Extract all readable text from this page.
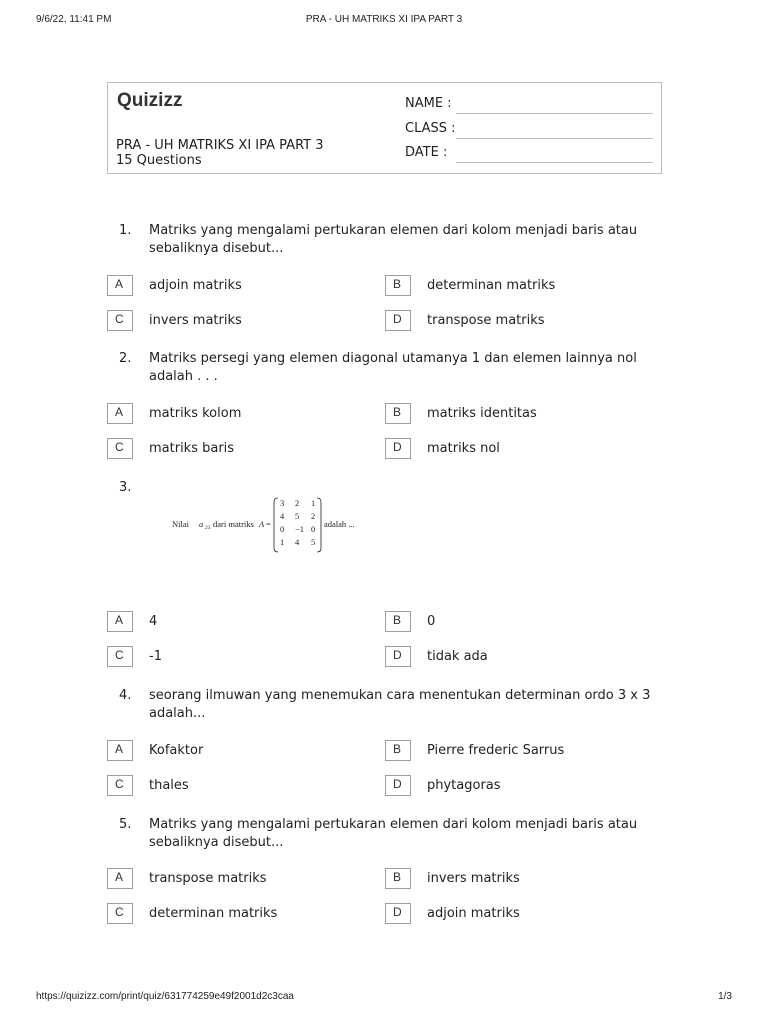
9/6/22, 11:41 PM	PRA - UH MATRIKS XI IPA PART 3
Quizizz
PRA - UH MATRIKS XI IPA PART 3
15 Questions
NAME :
CLASS :
DATE :
1. Matriks yang mengalami pertukaran elemen dari kolom menjadi baris atau sebaliknya disebut...
A	adjoin matriks	B	determinan matriks
C	invers matriks	D	transpose matriks
2. Matriks persegi yang elemen diagonal utamanya 1 dan elemen lainnya nol adalah . . .
A	matriks kolom	B	matriks identitas
C	matriks baris	D	matriks nol
3.
Nilai a 23 dari matriks A =
3 2 1
4 5 2
0 −1 0
1 4 5
adalah ...
A	4	B	0
C	-1	D	tidak ada
4. seorang ilmuwan yang menemukan cara menentukan determinan ordo 3 x 3 adalah...
A	Kofaktor	B	Pierre frederic Sarrus
C	thales	D	phytagoras
5. Matriks yang mengalami pertukaran elemen dari kolom menjadi baris atau sebaliknya disebut...
A	transpose matriks	B	invers matriks
C	determinan matriks	D	adjoin matriks
https://quizizz.com/print/quiz/631774259e49f2001d2c3caa	1/3
